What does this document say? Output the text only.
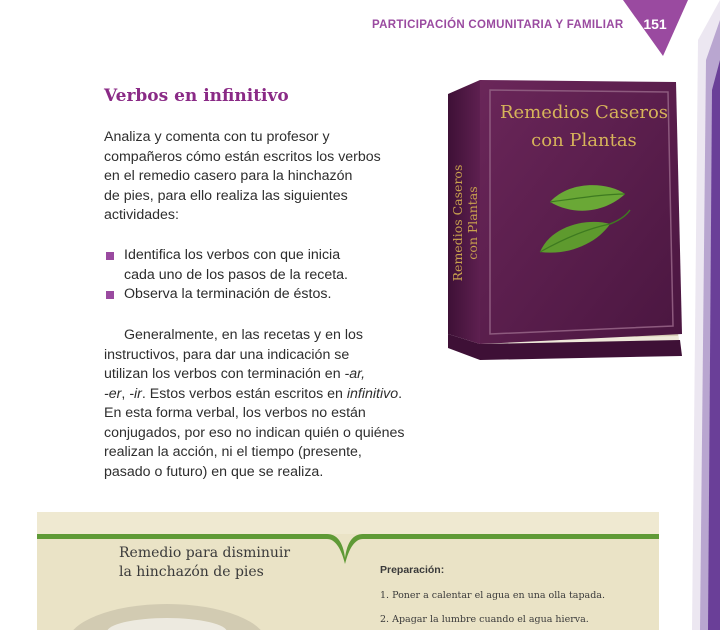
PARTICIPACIÓN COMUNITARIA Y FAMILIAR	151
Verbos en infinitivo
Analiza y comenta con tu profesor y
compañeros cómo están escritos los verbos
en el remedio casero para la hinchazón
de pies, para ello realiza las siguientes
actividades:
Identifica los verbos con que inicia
cada uno de los pasos de la receta.
Observa la terminación de éstos.
Generalmente, en las recetas y en los
instructivos, para dar una indicación se
utilizan los verbos con terminación en -ar,
-er, -ir. Estos verbos están escritos en infinitivo.
En esta forma verbal, los verbos no están
conjugados, por eso no indican quién o quiénes
realizan la acción, ni el tiempo (presente,
pasado o futuro) en que se realiza.
Remedios Caseros
con Plantas
Remedios Caseros con Plantas
Remedio para disminuir
la hinchazón de pies	Preparación:
1. Poner a calentar el agua en una olla tapada.
2. Apagar la lumbre cuando el agua hierva.
